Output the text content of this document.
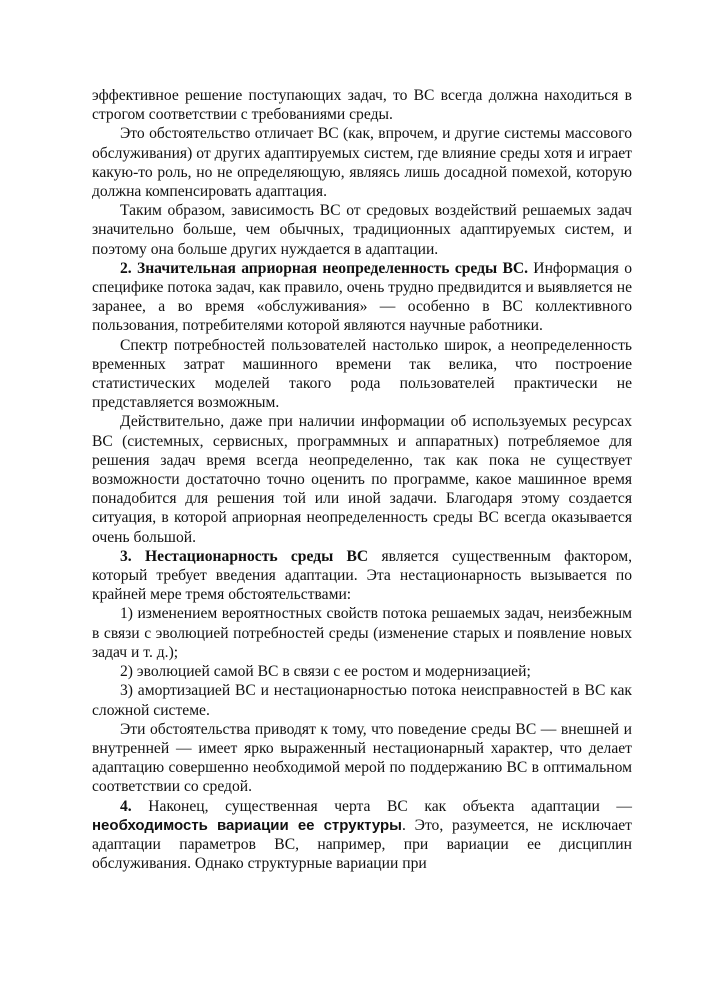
эффективное решение поступающих задач, то ВС всегда должна находиться в строгом соответствии с требованиями среды.

Это обстоятельство отличает ВС (как, впрочем, и другие системы массового обслуживания) от других адаптируемых систем, где влияние среды хотя и играет какую-то роль, но не определяющую, являясь лишь досадной помехой, которую должна компенсировать адаптация.

Таким образом, зависимость ВС от средовых воздействий решаемых задач значительно больше, чем обычных, традиционных адаптируемых систем, и поэтому она больше других нуждается в адаптации.

2. Значительная априорная неопределенность среды ВС. Информация о специфике потока задач, как правило, очень трудно предвидится и выявляется не заранее, а во время «обслуживания» — особенно в ВС коллективного пользования, потребителями которой являются научные работники.

Спектр потребностей пользователей настолько широк, а неопределенность временных затрат машинного времени так велика, что построение статистических моделей такого рода пользователей практически не представляется возможным.

Действительно, даже при наличии информации об используемых ресурсах ВС (системных, сервисных, программных и аппаратных) потребляемое для решения задач время всегда неопределенно, так как пока не существует возможности достаточно точно оценить по программе, какое машинное время понадобится для решения той или иной задачи. Благодаря этому создается ситуация, в которой априорная неопределенность среды ВС всегда оказывается очень большой.

3. Нестационарность среды ВС является существенным фактором, который требует введения адаптации. Эта нестационарность вызывается по крайней мере тремя обстоятельствами:

1) изменением вероятностных свойств потока решаемых задач, неизбежным в связи с эволюцией потребностей среды (изменение старых и появление новых задач и т. д.);

2) эволюцией самой ВС в связи с ее ростом и модернизацией;

3) амортизацией ВС и нестационарностью потока неисправностей в ВС как сложной системе.

Эти обстоятельства приводят к тому, что поведение среды ВС — внешней и внутренней — имеет ярко выраженный нестационарный характер, что делает адаптацию совершенно необходимой мерой по поддержанию ВС в оптимальном соответствии со средой.

4. Наконец, существенная черта ВС как объекта адаптации — необходимость вариации ее структуры. Это, разумеется, не исключает адаптации параметров ВС, например, при вариации ее дисциплин обслуживания. Однако структурные вариации при
